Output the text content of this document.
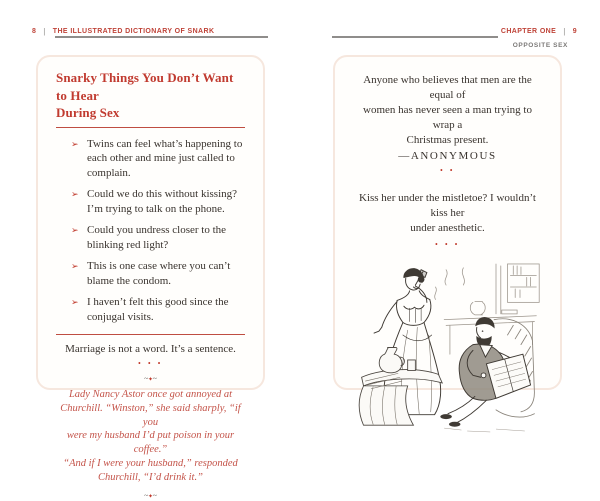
8 | THE ILLUSTRATED DICTIONARY OF SNARK	CHAPTER ONE | 9
OPPOSITE SEX
Snarky Things You Don’t Want to Hear
During Sex
➢ Twins can feel what’s happening to each other and mine just called to complain.
➢ Could we do this without kissing? I’m trying to talk on the phone.
➢ Could you undress closer to the blinking red light?
➢ This is one case where you can’t blame the condom.
➢ I haven’t felt this good since the conjugal visits.

Marriage is not a word. It’s a sentence.

• • •
~✦~
Lady Nancy Astor once got annoyed at
Churchill. “Winston,” she said sharply, “if you
were my husband I’d put poison in your coffee.”
“And if I were your husband,” responded
Churchill, “I’d drink it.”
~✦~
Anyone who believes that men are the equal of
women has never seen a man trying to wrap a
Christmas present.
—ANONYMOUS
• •
Kiss her under the mistletoe? I wouldn’t kiss her
under anesthetic.
• • •
